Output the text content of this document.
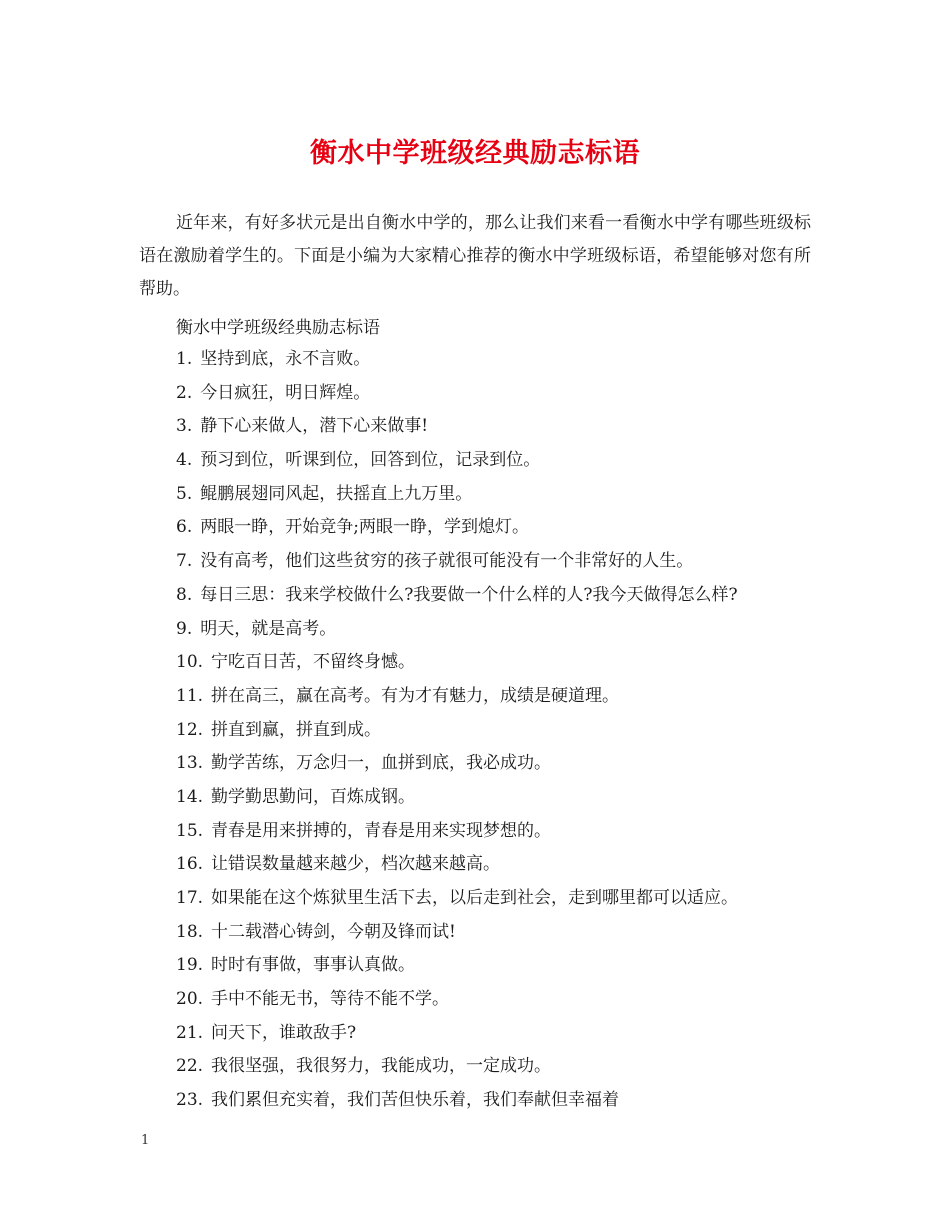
衡水中学班级经典励志标语
近年来，有好多状元是出自衡水中学的，那么让我们来看一看衡水中学有哪些班级标语在激励着学生的。下面是小编为大家精心推荐的衡水中学班级标语，希望能够对您有所帮助。
衡水中学班级经典励志标语
1. 坚持到底，永不言败。
2. 今日疯狂，明日辉煌。
3. 静下心来做人，潜下心来做事!
4. 预习到位，听课到位，回答到位，记录到位。
5. 鲲鹏展翅同风起，扶摇直上九万里。
6. 两眼一睁，开始竞争;两眼一睁，学到熄灯。
7. 没有高考，他们这些贫穷的孩子就很可能没有一个非常好的人生。
8. 每日三思：我来学校做什么?我要做一个什么样的人?我今天做得怎么样?
9. 明天，就是高考。
10. 宁吃百日苦，不留终身憾。
11. 拼在高三，赢在高考。有为才有魅力，成绩是硬道理。
12. 拼直到赢，拼直到成。
13. 勤学苦练，万念归一，血拼到底，我必成功。
14. 勤学勤思勤问，百炼成钢。
15. 青春是用来拼搏的，青春是用来实现梦想的。
16. 让错误数量越来越少，档次越来越高。
17. 如果能在这个炼狱里生活下去，以后走到社会，走到哪里都可以适应。
18. 十二载潜心铸剑，今朝及锋而试!
19. 时时有事做，事事认真做。
20. 手中不能无书，等待不能不学。
21. 问天下，谁敢敌手?
22. 我很坚强，我很努力，我能成功，一定成功。
23. 我们累但充实着，我们苦但快乐着，我们奉献但幸福着
1
